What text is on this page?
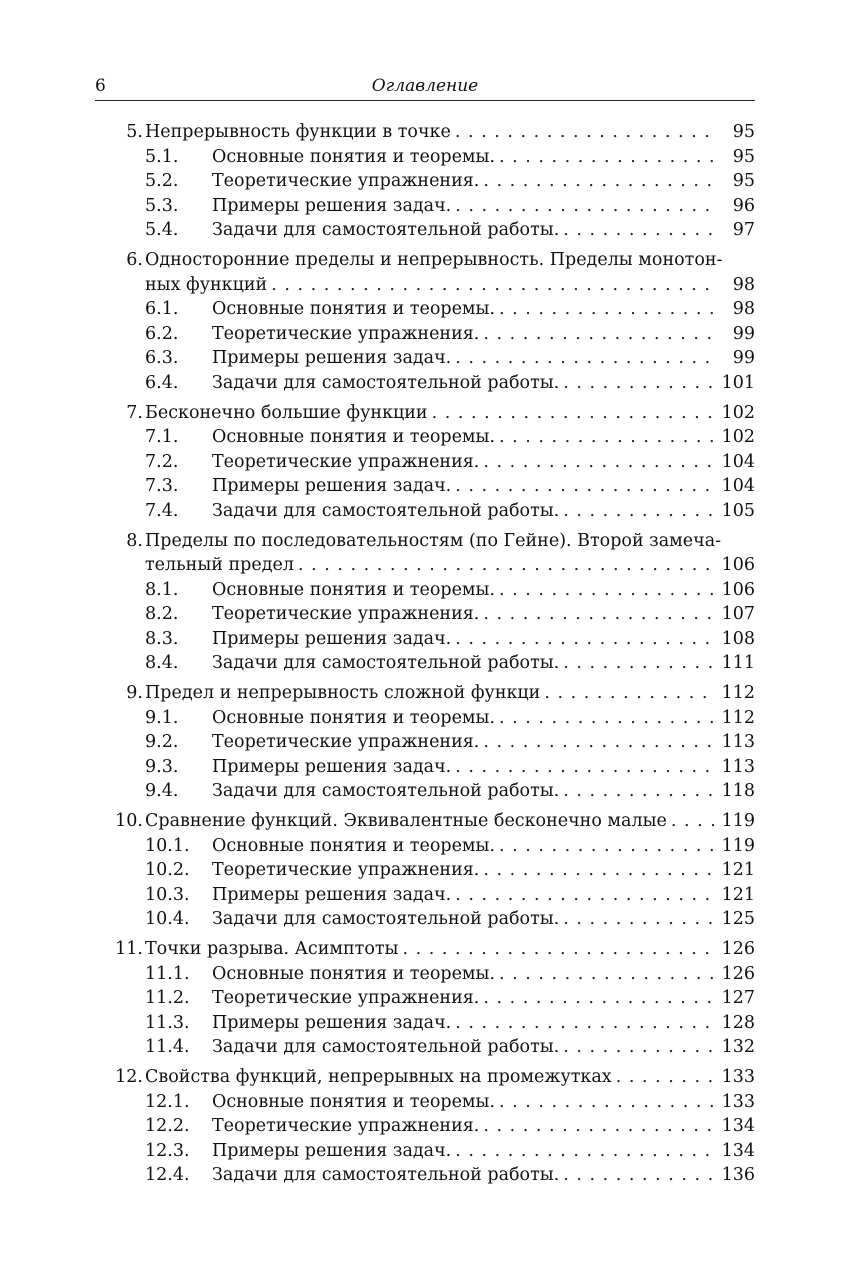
6	Оглавление
5. Непрерывность функции в точке . . .	95
5.1.	Основные понятия и теоремы. . . .	95
5.2.	Теоретические упражнения. . . .	95
5.3.	Примеры решения задач. . . .	96
5.4.	Задачи для самостоятельной работы. . . .	97
6. Односторонние пределы и непрерывность. Пределы монотон-
ных функций . . .	98
6.1.	Основные понятия и теоремы. . . .	98
6.2.	Теоретические упражнения. . . .	99
6.3.	Примеры решения задач. . . .	99
6.4.	Задачи для самостоятельной работы. . . .	101
7. Бесконечно большие функции . . .	102
7.1.	Основные понятия и теоремы. . . .	102
7.2.	Теоретические упражнения. . . .	104
7.3.	Примеры решения задач. . . .	104
7.4.	Задачи для самостоятельной работы. . . .	105
8. Пределы по последовательностям (по Гейне). Второй замеча-
тельный предел . . .	106
8.1.	Основные понятия и теоремы. . . .	106
8.2.	Теоретические упражнения. . . .	107
8.3.	Примеры решения задач. . . .	108
8.4.	Задачи для самостоятельной работы. . . .	111
9. Предел и непрерывность сложной функци . . .	112
9.1.	Основные понятия и теоремы. . . .	112
9.2.	Теоретические упражнения. . . .	113
9.3.	Примеры решения задач. . . .	113
9.4.	Задачи для самостоятельной работы. . . .	118
10. Сравнение функций. Эквивалентные бесконечно малые . . .	119
10.1.	Основные понятия и теоремы. . . .	119
10.2.	Теоретические упражнения. . . .	121
10.3.	Примеры решения задач. . . .	121
10.4.	Задачи для самостоятельной работы. . . .	125
11. Точки разрыва. Асимптоты . . .	126
11.1.	Основные понятия и теоремы. . . .	126
11.2.	Теоретические упражнения. . . .	127
11.3.	Примеры решения задач. . . .	128
11.4.	Задачи для самостоятельной работы. . . .	132
12. Свойства функций, непрерывных на промежутках . . .	133
12.1.	Основные понятия и теоремы. . . .	133
12.2.	Теоретические упражнения. . . .	134
12.3.	Примеры решения задач. . . .	134
12.4.	Задачи для самостоятельной работы. . . .	136
